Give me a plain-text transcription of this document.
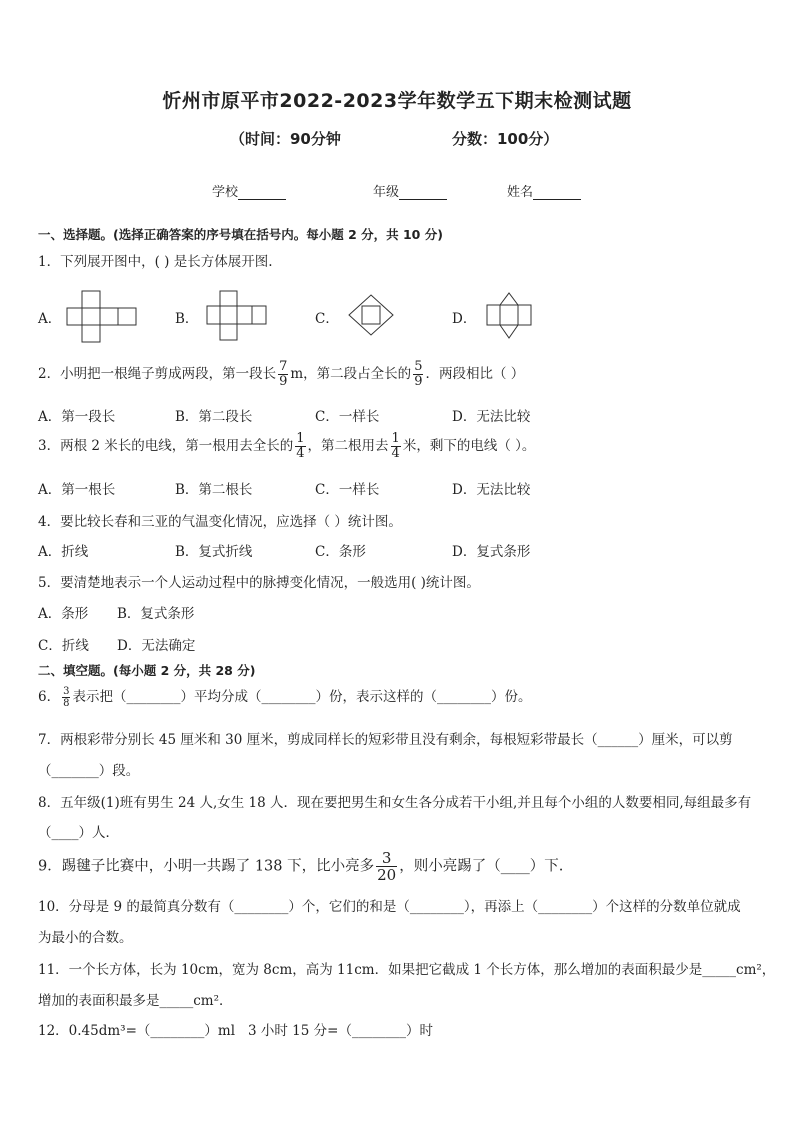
忻州市原平市2022-2023学年数学五下期末检测试题
（时间：90分钟	分数：100分）
学校	年级	姓名
一、选择题。(选择正确答案的序号填在括号内。每小题 2 分，共 10 分)
1．下列展开图中，( ) 是长方体展开图.
A．	B．	C．	D．
2．小明把一根绳子剪成两段，第一段长 $\frac{7}{9}$ m，第二段占全长的 $\frac{5}{9}$ ．两段相比（ ）
A．第一段长	B．第二段长	C．一样长	D．无法比较
3．两根 2 米长的电线，第一根用去全长的 $\frac{1}{4}$ ，第二根用去 $\frac{1}{4}$ 米，剩下的电线（ ）。
A．第一根长	B．第二根长	C．一样长	D．无法比较
4．要比较长春和三亚的气温变化情况，应选择（ ）统计图。
A．折线	B．复式折线	C．条形	D．复式条形
5．要清楚地表示一个人运动过程中的脉搏变化情况，一般选用( )统计图。
A．条形 B．复式条形
C．折线 D．无法确定
二、填空题。(每小题 2 分，共 28 分)
6． $\frac{3}{8}$ 表示把（________）平均分成（________）份，表示这样的（________）份。
7．两根彩带分别长 45 厘米和 30 厘米，剪成同样长的短彩带且没有剩余，每根短彩带最长（______）厘米，可以剪
（_______）段。
8．五年级(1)班有男生 24 人,女生 18 人．现在要把男生和女生各分成若干小组,并且每个小组的人数要相同,每组最多有
（____）人．
9．踢毽子比赛中，小明一共踢了 138 下，比小亮多 $\frac{3}{20}$ ，则小亮踢了（____）下.
10．分母是 9 的最简真分数有（________）个，它们的和是（________），再添上（________）个这样的分数单位就成
为最小的合数。
11．一个长方体，长为 10cm，宽为 8cm，高为 11cm．如果把它截成 1 个长方体，那么增加的表面积最少是_____cm²，
增加的表面积最多是_____cm²．
12．0.45dm³=（________）ml 3 小时 15 分=（________）时
